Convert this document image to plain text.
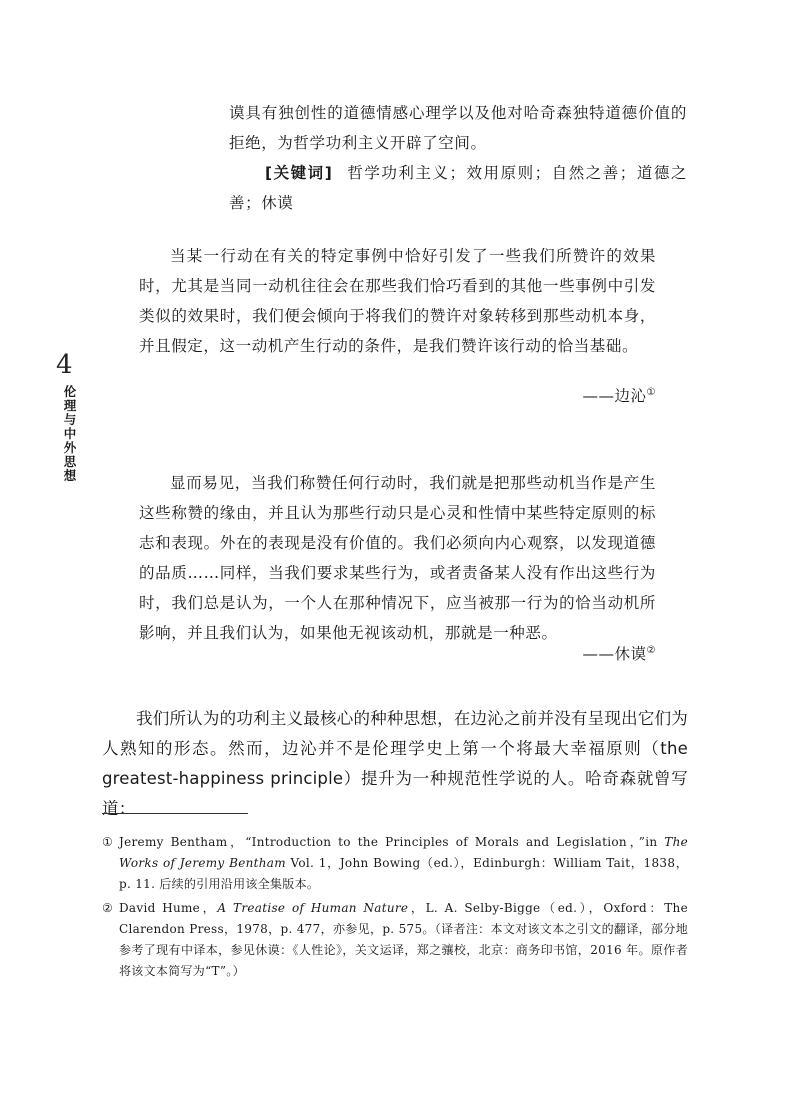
谟具有独创性的道德情感心理学以及他对哈奇森独特道德价值的拒绝，为哲学功利主义开辟了空间。
[关键词] 哲学功利主义；效用原则；自然之善；道德之善；休谟
当某一行动在有关的特定事例中恰好引发了一些我们所赞许的效果时，尤其是当同一动机往往会在那些我们恰巧看到的其他一些事例中引发类似的效果时，我们便会倾向于将我们的赞许对象转移到那些动机本身，并且假定，这一动机产生行动的条件，是我们赞许该行动的恰当基础。
——边沁①
4
伦理与中外思想	显而易见，当我们称赞任何行动时，我们就是把那些动机当作是产生这些称赞的缘由，并且认为那些行动只是心灵和性情中某些特定原则的标志和表现。外在的表现是没有价值的。我们必须向内心观察，以发现道德的品质……同样，当我们要求某些行为，或者责备某人没有作出这些行为时，我们总是认为，一个人在那种情况下，应当被那一行为的恰当动机所影响，并且我们认为，如果他无视该动机，那就是一种恶。
——休谟②
我们所认为的功利主义最核心的种种思想，在边沁之前并没有呈现出它们为人熟知的形态。然而，边沁并不是伦理学史上第一个将最大幸福原则（the greatest-happiness principle）提升为一种规范性学说的人。哈奇森就曾写道：
① Jeremy Bentham，“Introduction to the Principles of Morals and Legislation，”in The Works of Jeremy Bentham Vol. 1，John Bowing（ed.），Edinburgh：William Tait，1838，p. 11. 后续的引用沿用该全集版本。
② David Hume，A Treatise of Human Nature，L. A. Selby-Bigge（ed.），Oxford：The Clarendon Press，1978，p. 477，亦参见，p. 575。（译者注：本文对该文本之引文的翻译，部分地参考了现有中译本，参见休谟：《人性论》，关文运译，郑之骧校，北京：商务印书馆，2016 年。原作者将该文本简写为“T”。）
